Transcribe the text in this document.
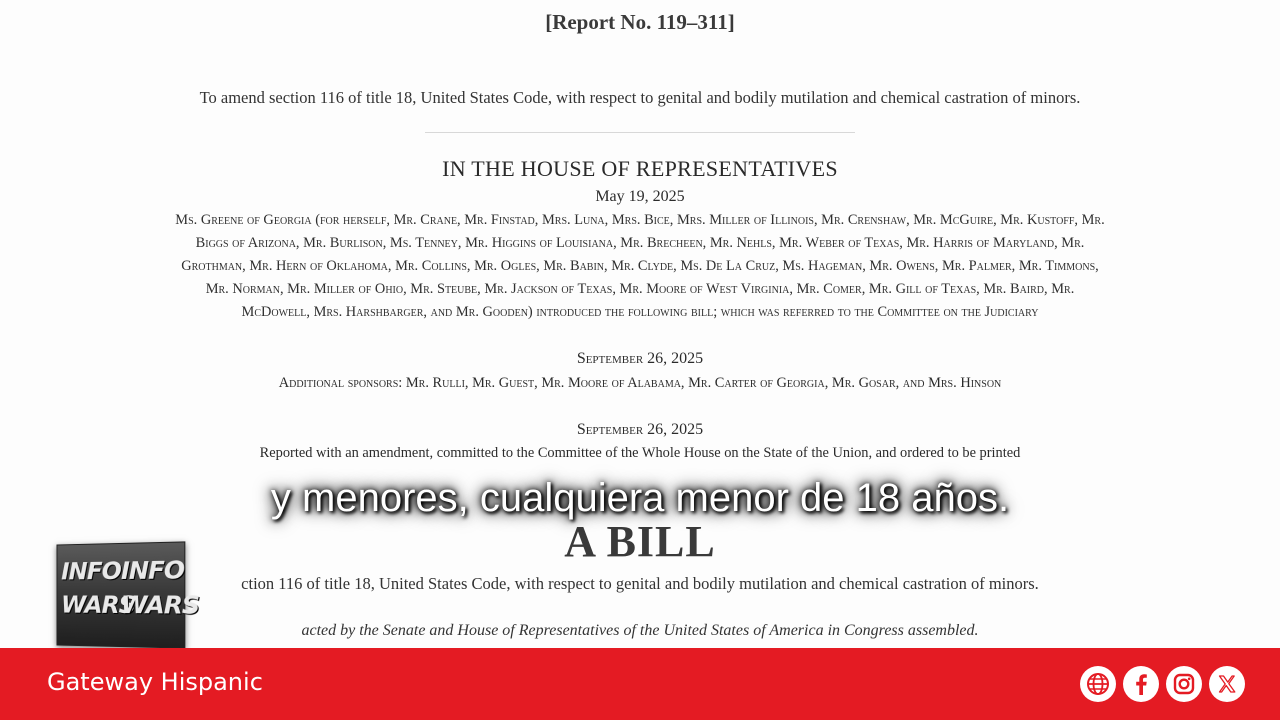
[Report No. 119–311]
To amend section 116 of title 18, United States Code, with respect to genital and bodily mutilation and chemical castration of minors.
IN THE HOUSE OF REPRESENTATIVES
May 19, 2025
Ms. Greene of Georgia (for herself, Mr. Crane, Mr. Finstad, Mrs. Luna, Mrs. Bice, Mrs. Miller of Illinois, Mr. Crenshaw, Mr. McGuire, Mr. Kustoff, Mr.
Biggs of Arizona, Mr. Burlison, Ms. Tenney, Mr. Higgins of Louisiana, Mr. Brecheen, Mr. Nehls, Mr. Weber of Texas, Mr. Harris of Maryland, Mr.
Grothman, Mr. Hern of Oklahoma, Mr. Collins, Mr. Ogles, Mr. Babin, Mr. Clyde, Ms. De La Cruz, Ms. Hageman, Mr. Owens, Mr. Palmer, Mr. Timmons,
Mr. Norman, Mr. Miller of Ohio, Mr. Steube, Mr. Jackson of Texas, Mr. Moore of West Virginia, Mr. Comer, Mr. Gill of Texas, Mr. Baird, Mr.
McDowell, Mrs. Harshbarger, and Mr. Gooden) introduced the following bill; which was referred to the Committee on the Judiciary
September 26, 2025
Additional sponsors: Mr. Rulli, Mr. Guest, Mr. Moore of Alabama, Mr. Carter of Georgia, Mr. Gosar, and Mrs. Hinson
September 26, 2025
Reported with an amendment, committed to the Committee of the Whole House on the State of the Union, and ordered to be printed
A BILL
ction 116 of title 18, United States Code, with respect to genital and bodily mutilation and chemical castration of minors.
acted by the Senate and House of Representatives of the United States of America in Congress assembled.
y menores, cualquiera menor de 18 años.
INFO WARS
INFO WARS
Gateway Hispanic
